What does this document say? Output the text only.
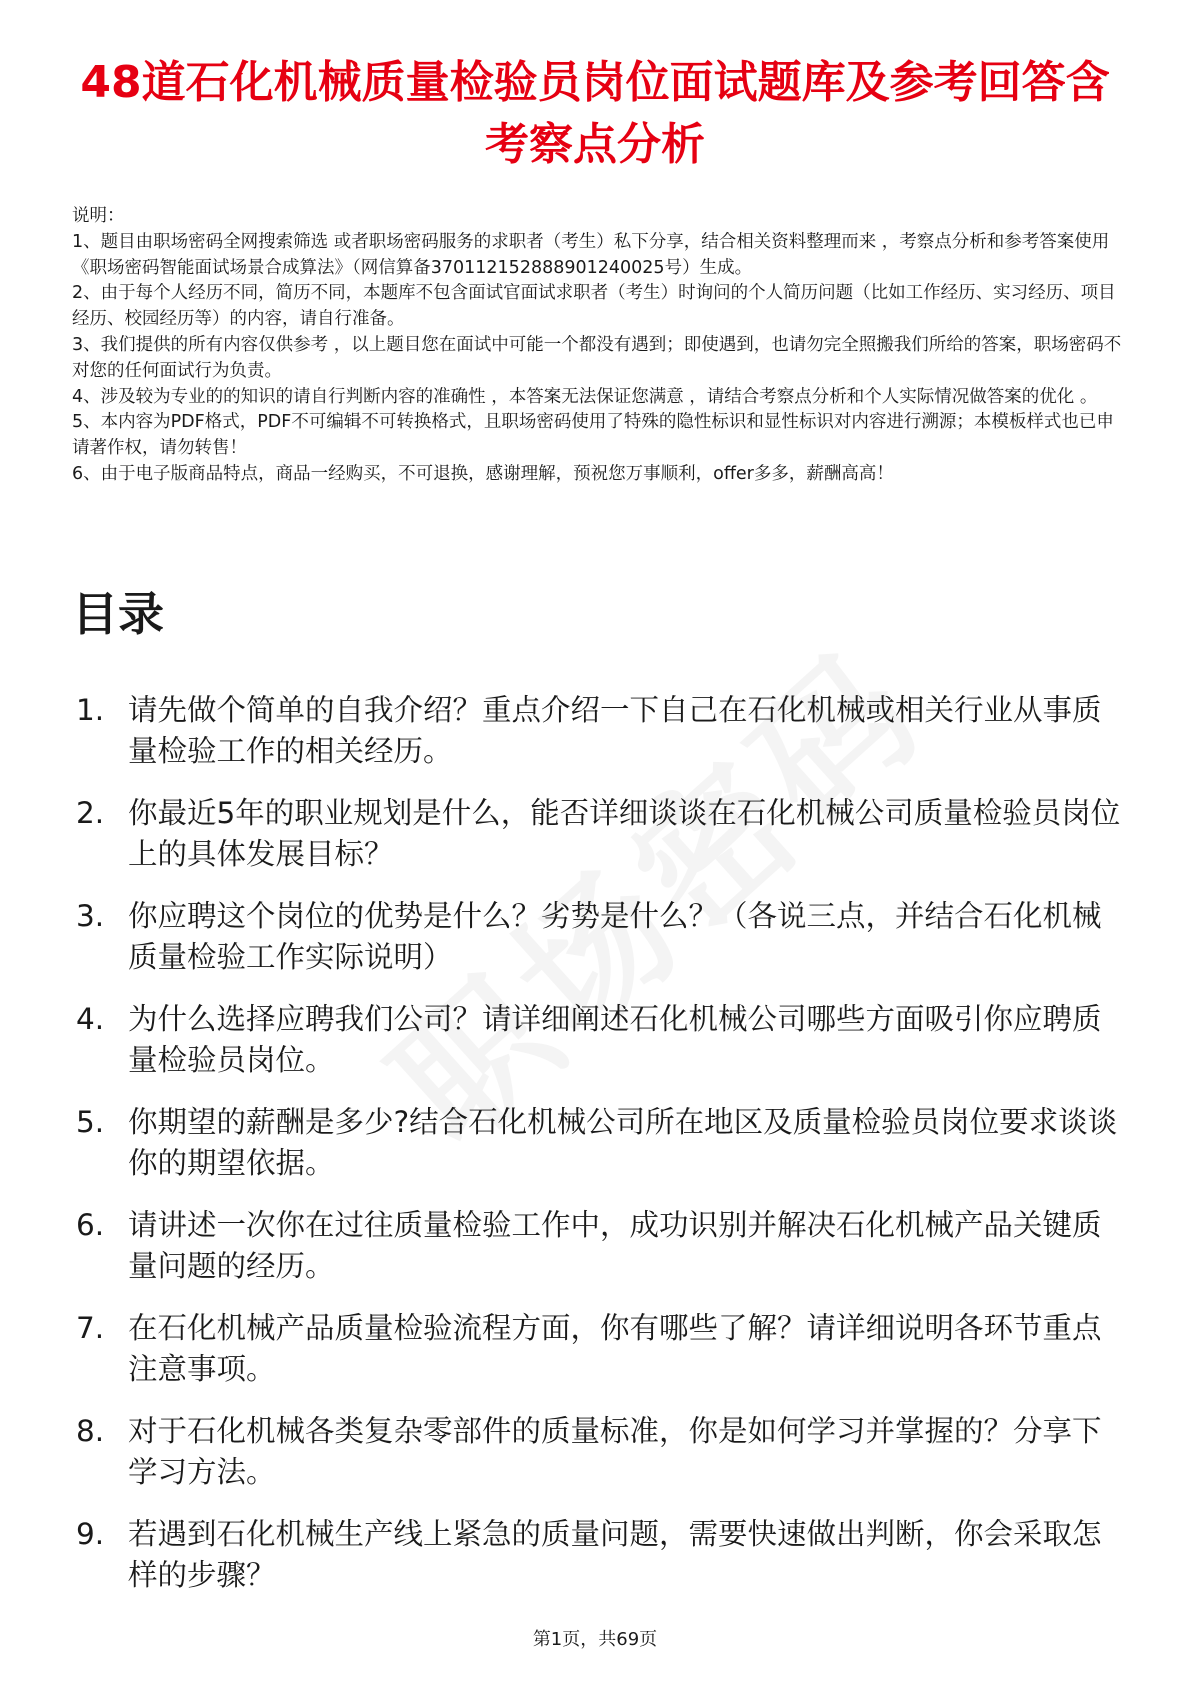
48道石化机械质量检验员岗位面试题库及参考回答含考察点分析

说明：

1、题目由职场密码全网搜索筛选 或者职场密码服务的求职者（考生）私下分享，结合相关资料整理而来 ，考察点分析和参考答案使用《职场密码智能面试场景合成算法》（网信算备370112152888901240025号）生成。

2、由于每个人经历不同，简历不同，本题库不包含面试官面试求职者（考生）时询问的个人简历问题（比如工作经历、实习经历、项目经历、校园经历等）的内容，请自行准备。

3、我们提供的所有内容仅供参考 ，以上题目您在面试中可能一个都没有遇到；即使遇到，也请勿完全照搬我们所给的答案，职场密码不对您的任何面试行为负责。

4、涉及较为专业的的知识的请自行判断内容的准确性 ，本答案无法保证您满意 ，请结合考察点分析和个人实际情况做答案的优化 。

5、本内容为PDF格式，PDF不可编辑不可转换格式，且职场密码使用了特殊的隐性标识和显性标识对内容进行溯源；本模板样式也已申请著作权，请勿转售！

6、由于电子版商品特点，商品一经购买，不可退换，感谢理解，预祝您万事顺利，offer多多，薪酬高高！

目录
1. 请先做个简单的自我介绍？重点介绍一下自己在石化机械或相关行业从事质量检验工作的相关经历。
2. 你最近5年的职业规划是什么，能否详细谈谈在石化机械公司质量检验员岗位上的具体发展目标？
3. 你应聘这个岗位的优势是什么？劣势是什么？（各说三点，并结合石化机械质量检验工作实际说明）
4. 为什么选择应聘我们公司？请详细阐述石化机械公司哪些方面吸引你应聘质量检验员岗位。
5. 你期望的薪酬是多少?结合石化机械公司所在地区及质量检验员岗位要求谈谈你的期望依据。
6. 请讲述一次你在过往质量检验工作中，成功识别并解决石化机械产品关键质量问题的经历。
7. 在石化机械产品质量检验流程方面，你有哪些了解？请详细说明各环节重点注意事项。
8. 对于石化机械各类复杂零部件的质量标准，你是如何学习并掌握的？分享下学习方法。
9. 若遇到石化机械生产线上紧急的质量问题，需要快速做出判断，你会采取怎样的步骤？

第1页，共69页
